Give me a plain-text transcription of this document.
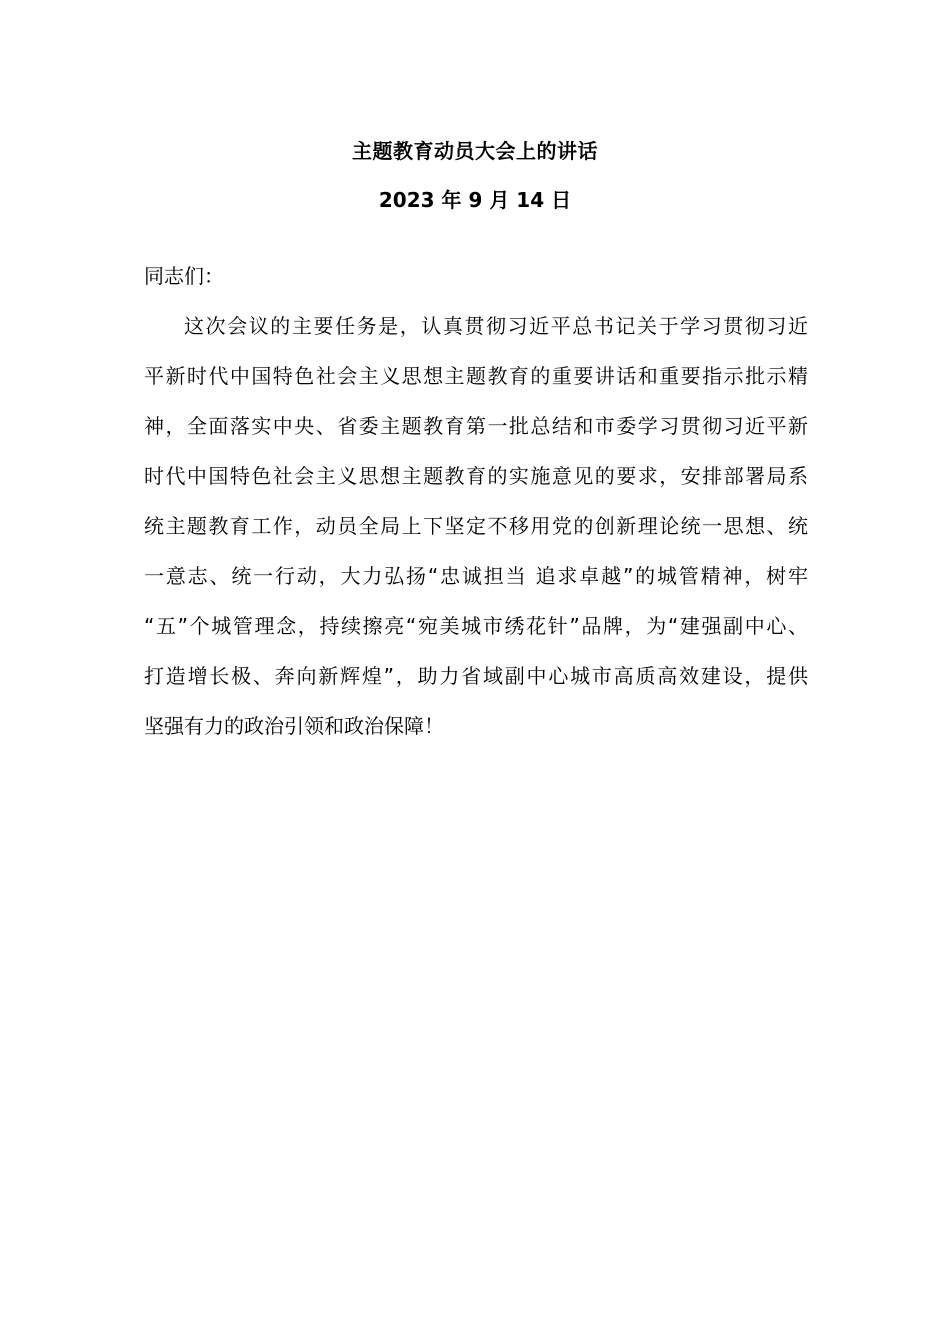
主题教育动员大会上的讲话
2023 年 9 月 14 日
同志们：
这次会议的主要任务是，认真贯彻习近平总书记关于学习贯彻习近
平新时代中国特色社会主义思想主题教育的重要讲话和重要指示批示精
神，全面落实中央、省委主题教育第一批总结和市委学习贯彻习近平新
时代中国特色社会主义思想主题教育的实施意见的要求，安排部署局系
统主题教育工作，动员全局上下坚定不移用党的创新理论统一思想、统
一意志、统一行动，大力弘扬“忠诚担当 追求卓越”的城管精神，树牢
“五”个城管理念，持续擦亮“宛美城市绣花针”品牌，为“建强副中心、
打造增长极、奔向新辉煌”，助力省域副中心城市高质高效建设，提供
坚强有力的政治引领和政治保障！
